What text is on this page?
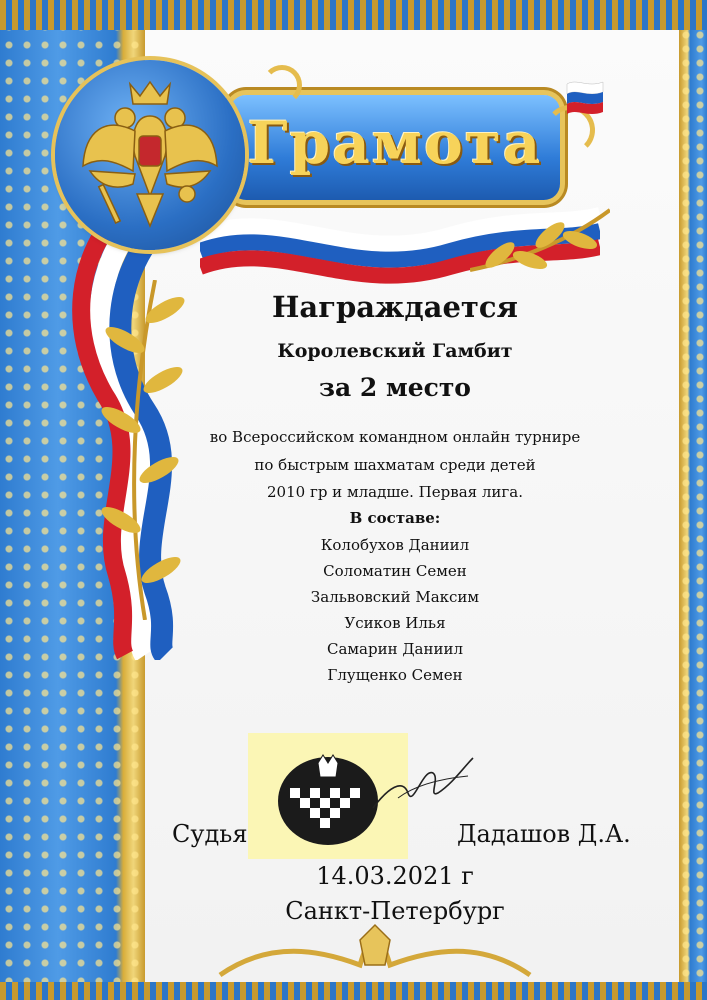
Грамота
Награждается
Королевский Гамбит
за 2 место
во Всероссийском командном онлайн турнире
по быстрым шахматам среди детей
2010 гр и младше. Первая лига.
В составе:
Колобухов Даниил
Соломатин Семен
Зальвовский Максим
Усиков Илья
Самарин Даниил
Глущенко Семен
Судья	Дадашов Д.А.
14.03.2021 г
Санкт-Петербург
